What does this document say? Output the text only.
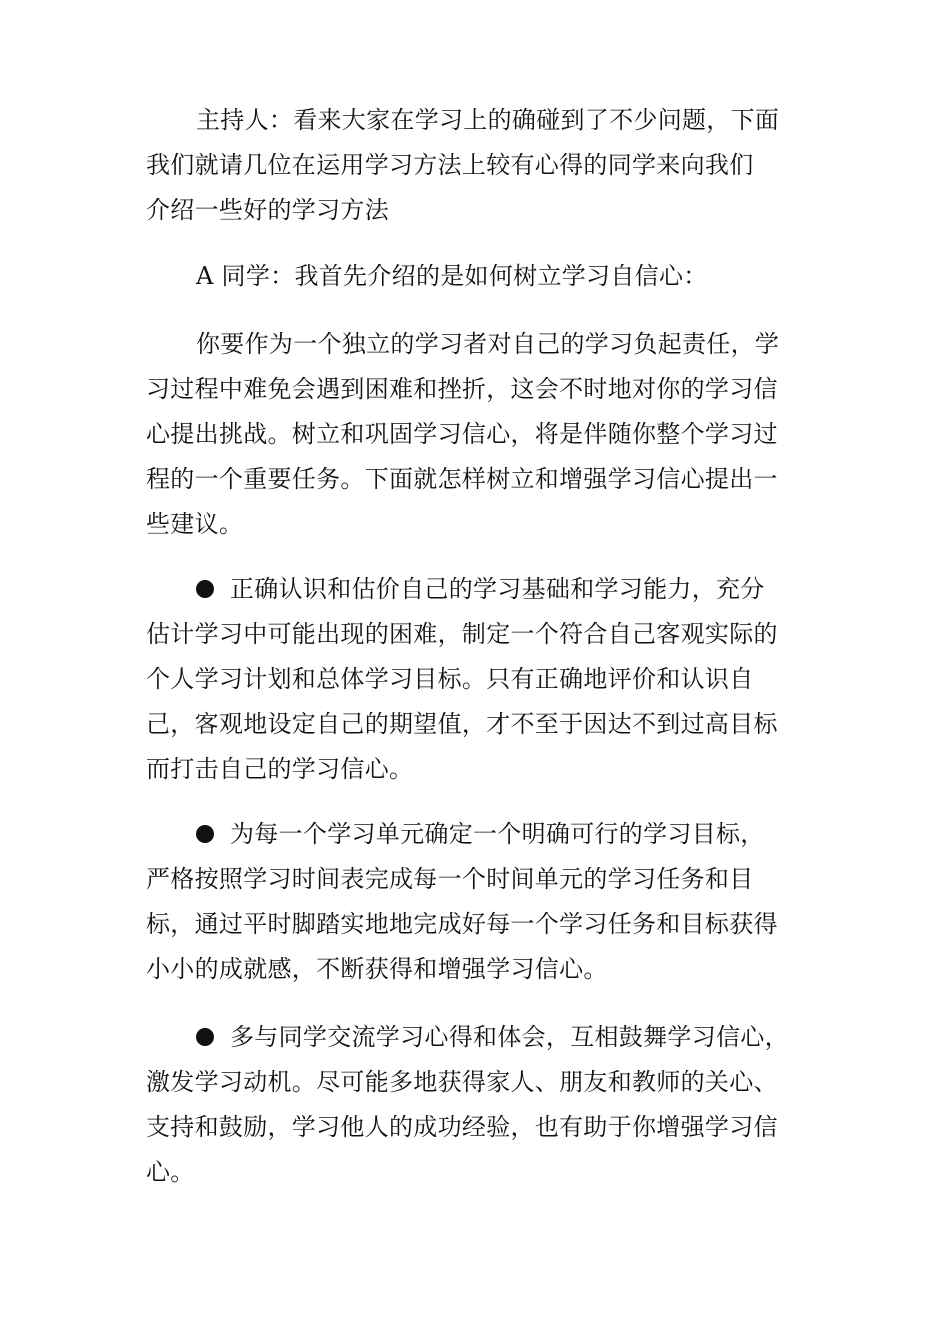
主持人：看来大家在学习上的确碰到了不少问题，下面
我们就请几位在运用学习方法上较有心得的同学来向我们
介绍一些好的学习方法
A 同学：我首先介绍的是如何树立学习自信心：
你要作为一个独立的学习者对自己的学习负起责任，学
习过程中难免会遇到困难和挫折，这会不时地对你的学习信
心提出挑战。树立和巩固学习信心，将是伴随你整个学习过
程的一个重要任务。下面就怎样树立和增强学习信心提出一
些建议。
正确认识和估价自己的学习基础和学习能力，充分
估计学习中可能出现的困难，制定一个符合自己客观实际的
个人学习计划和总体学习目标。只有正确地评价和认识自
己，客观地设定自己的期望值，才不至于因达不到过高目标
而打击自己的学习信心。
为每一个学习单元确定一个明确可行的学习目标，
严格按照学习时间表完成每一个时间单元的学习任务和目
标，通过平时脚踏实地地完成好每一个学习任务和目标获得
小小的成就感，不断获得和增强学习信心。
多与同学交流学习心得和体会，互相鼓舞学习信心，
激发学习动机。尽可能多地获得家人、朋友和教师的关心、
支持和鼓励，学习他人的成功经验，也有助于你增强学习信
心。
